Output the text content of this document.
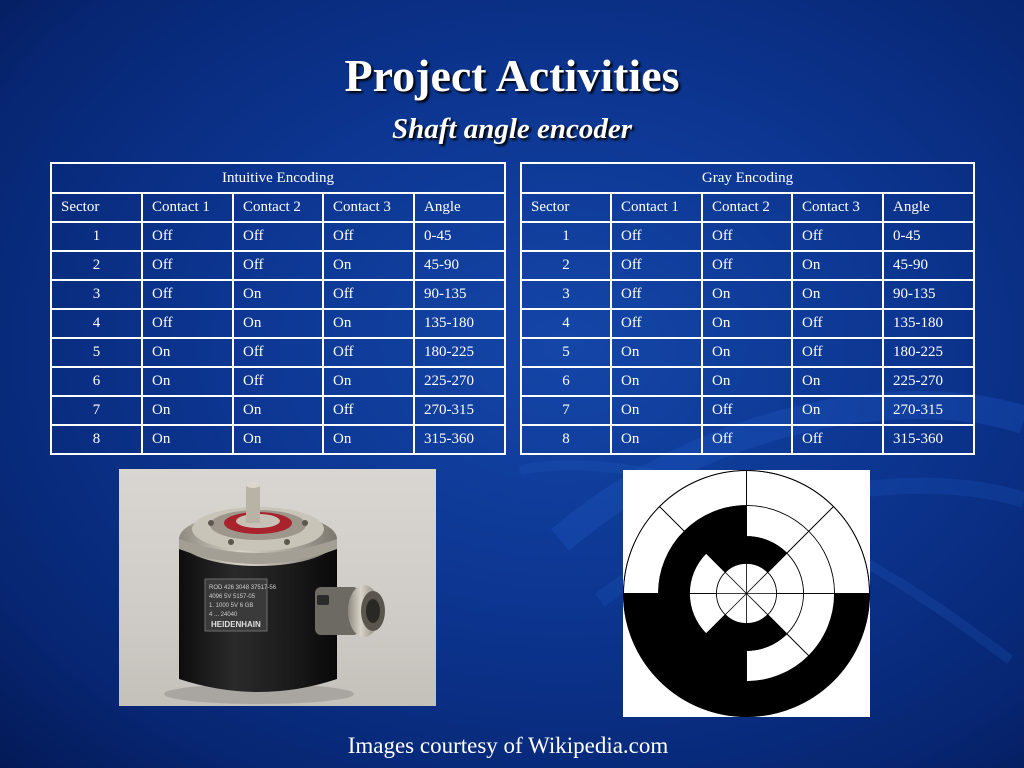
Project Activities
Shaft angle encoder
Intuitive Encoding				
Sector	Contact 1	Contact 2	Contact 3	Angle
1	Off	Off	Off	0-45
2	Off	Off	On	45-90
3	Off	On	Off	90-135
4	Off	On	On	135-180
5	On	Off	Off	180-225
6	On	Off	On	225-270
7	On	On	Off	270-315
8	On	On	On	315-360
Gray Encoding				
Sector	Contact 1	Contact 2	Contact 3	Angle
1	Off	Off	Off	0-45
2	Off	Off	On	45-90
3	Off	On	On	90-135
4	Off	On	Off	135-180
5	On	On	Off	180-225
6	On	On	On	225-270
7	On	Off	On	270-315
8	On	Off	Off	315-360
ROD 426 3048 37517-56
4096 5V 5157-05
1. 1000 5V 6 GB
4 ... 24040
HEIDENHAIN
Images courtesy of Wikipedia.com
